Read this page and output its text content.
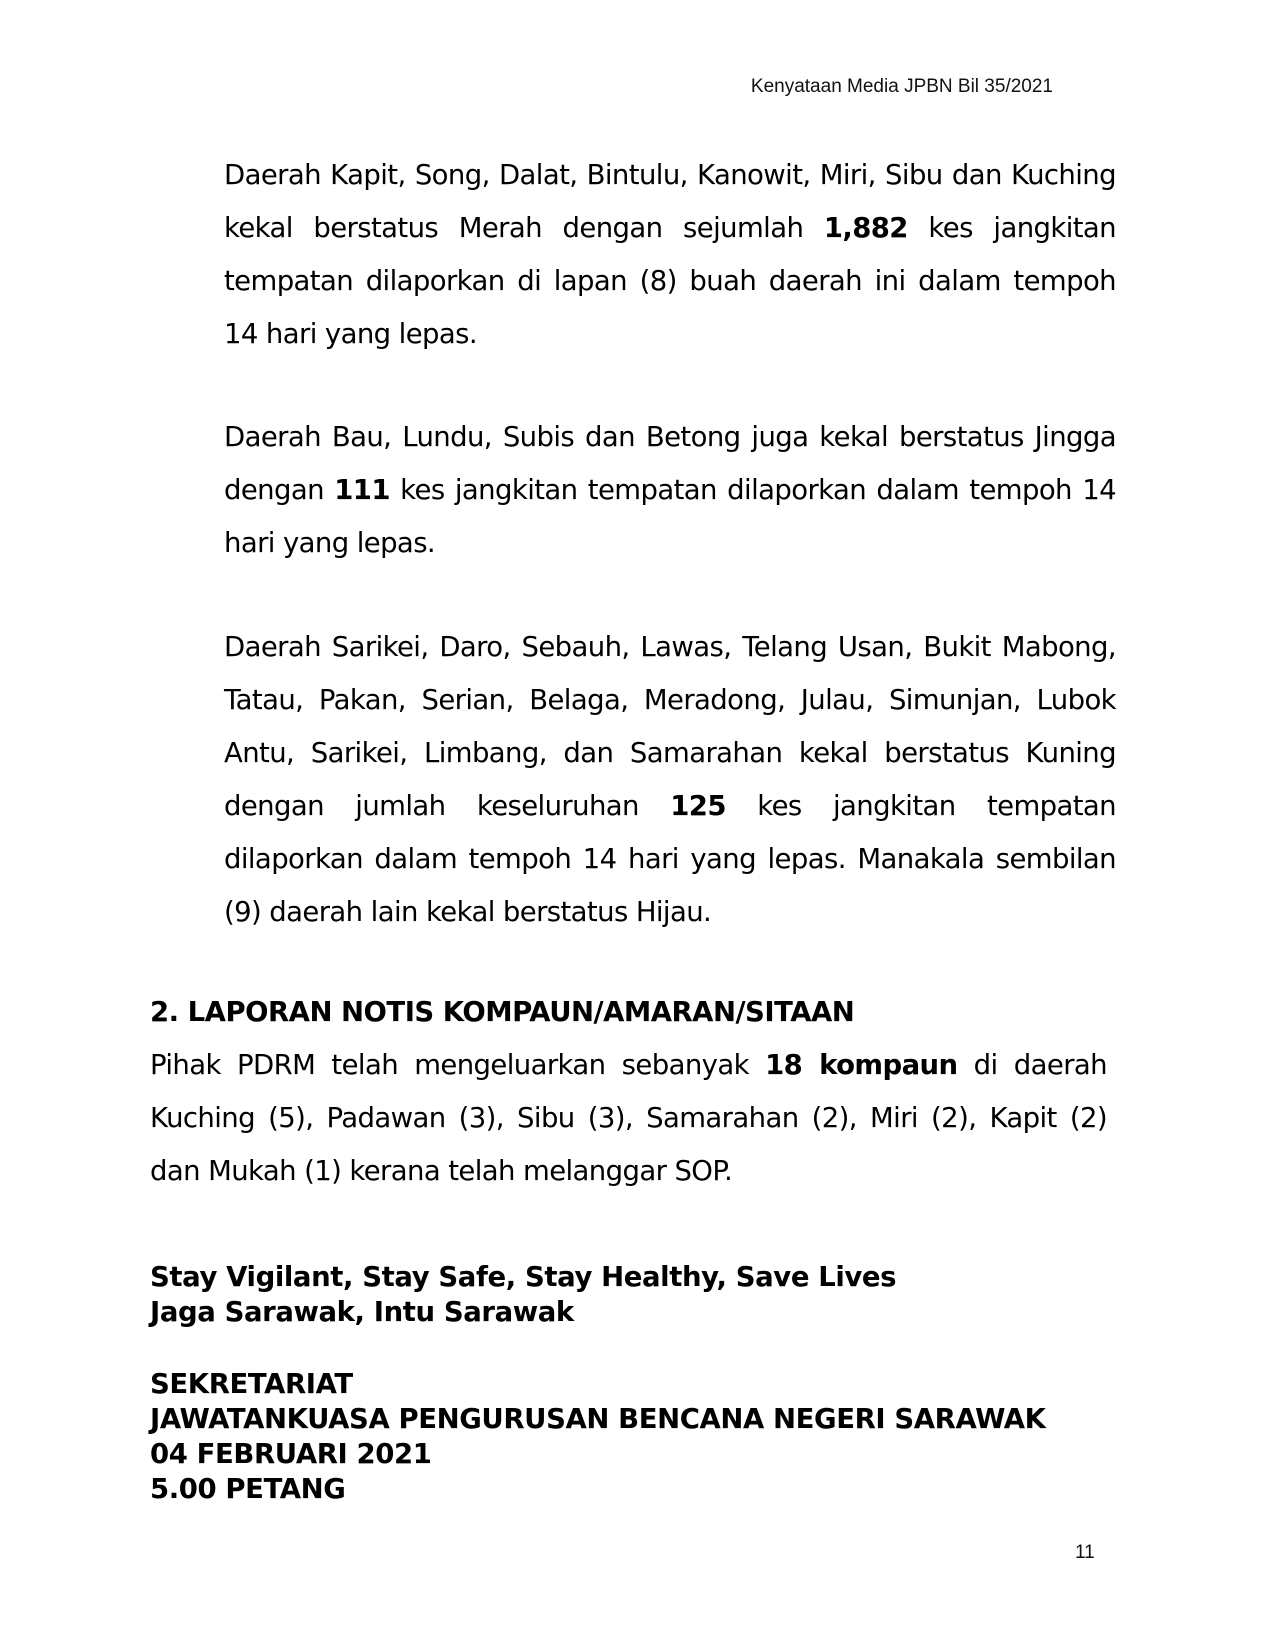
Kenyataan Media JPBN Bil 35/2021

Daerah Kapit, Song, Dalat, Bintulu, Kanowit, Miri, Sibu dan Kuching kekal berstatus Merah dengan sejumlah 1,882 kes jangkitan tempatan dilaporkan di lapan (8) buah daerah ini dalam tempoh 14 hari yang lepas.

Daerah Bau, Lundu, Subis dan Betong juga kekal berstatus Jingga dengan 111 kes jangkitan tempatan dilaporkan dalam tempoh 14 hari yang lepas.

Daerah Sarikei, Daro, Sebauh, Lawas, Telang Usan, Bukit Mabong, Tatau, Pakan, Serian, Belaga, Meradong, Julau, Simunjan, Lubok Antu, Sarikei, Limbang, dan Samarahan kekal berstatus Kuning dengan jumlah keseluruhan 125 kes jangkitan tempatan dilaporkan dalam tempoh 14 hari yang lepas. Manakala sembilan (9) daerah lain kekal berstatus Hijau.

2. LAPORAN NOTIS KOMPAUN/AMARAN/SITAAN

Pihak PDRM telah mengeluarkan sebanyak 18 kompaun di daerah Kuching (5), Padawan (3), Sibu (3), Samarahan (2), Miri (2), Kapit (2) dan Mukah (1) kerana telah melanggar SOP.

Stay Vigilant, Stay Safe, Stay Healthy, Save Lives
Jaga Sarawak, Intu Sarawak
SEKRETARIAT
JAWATANKUASA PENGURUSAN BENCANA NEGERI SARAWAK
04 FEBRUARI 2021
5.00 PETANG
11
